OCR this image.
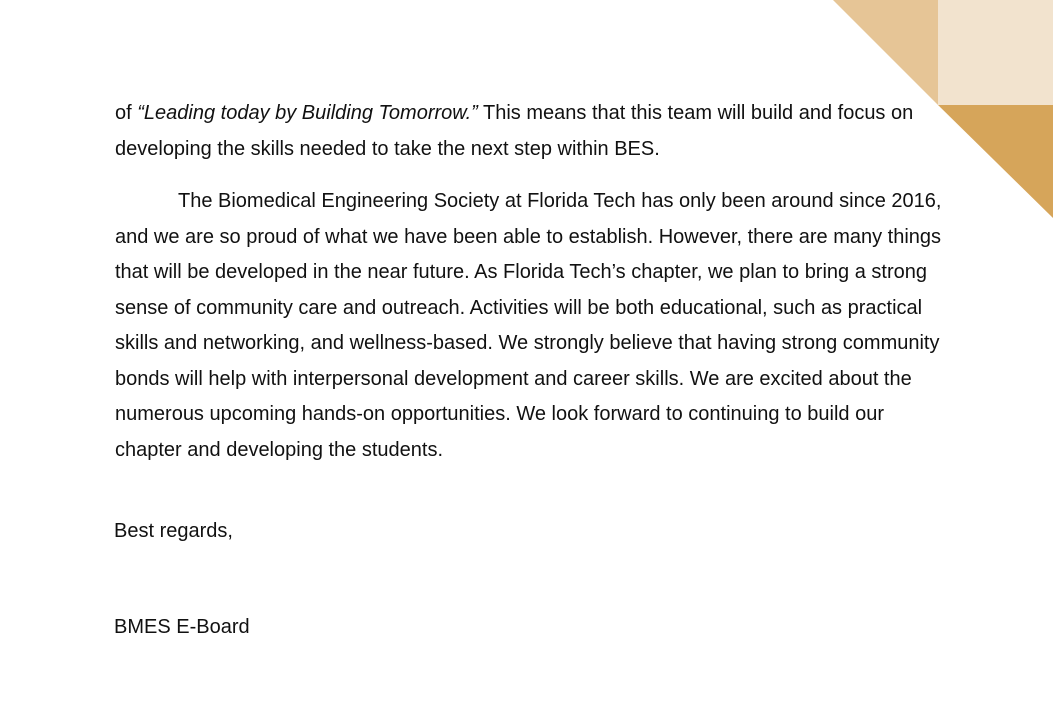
of “Leading today by Building Tomorrow.” This means that this team will build and focus on developing the skills needed to take the next step within BES.

The Biomedical Engineering Society at Florida Tech has only been around since 2016, and we are so proud of what we have been able to establish. However, there are many things that will be developed in the near future. As Florida Tech’s chapter, we plan to bring a strong sense of community care and outreach. Activities will be both educational, such as practical skills and networking, and wellness-based. We strongly believe that having strong community bonds will help with interpersonal development and career skills. We are excited about the numerous upcoming hands-on opportunities. We look forward to continuing to build our chapter and developing the students.

Best regards,

BMES E-Board
